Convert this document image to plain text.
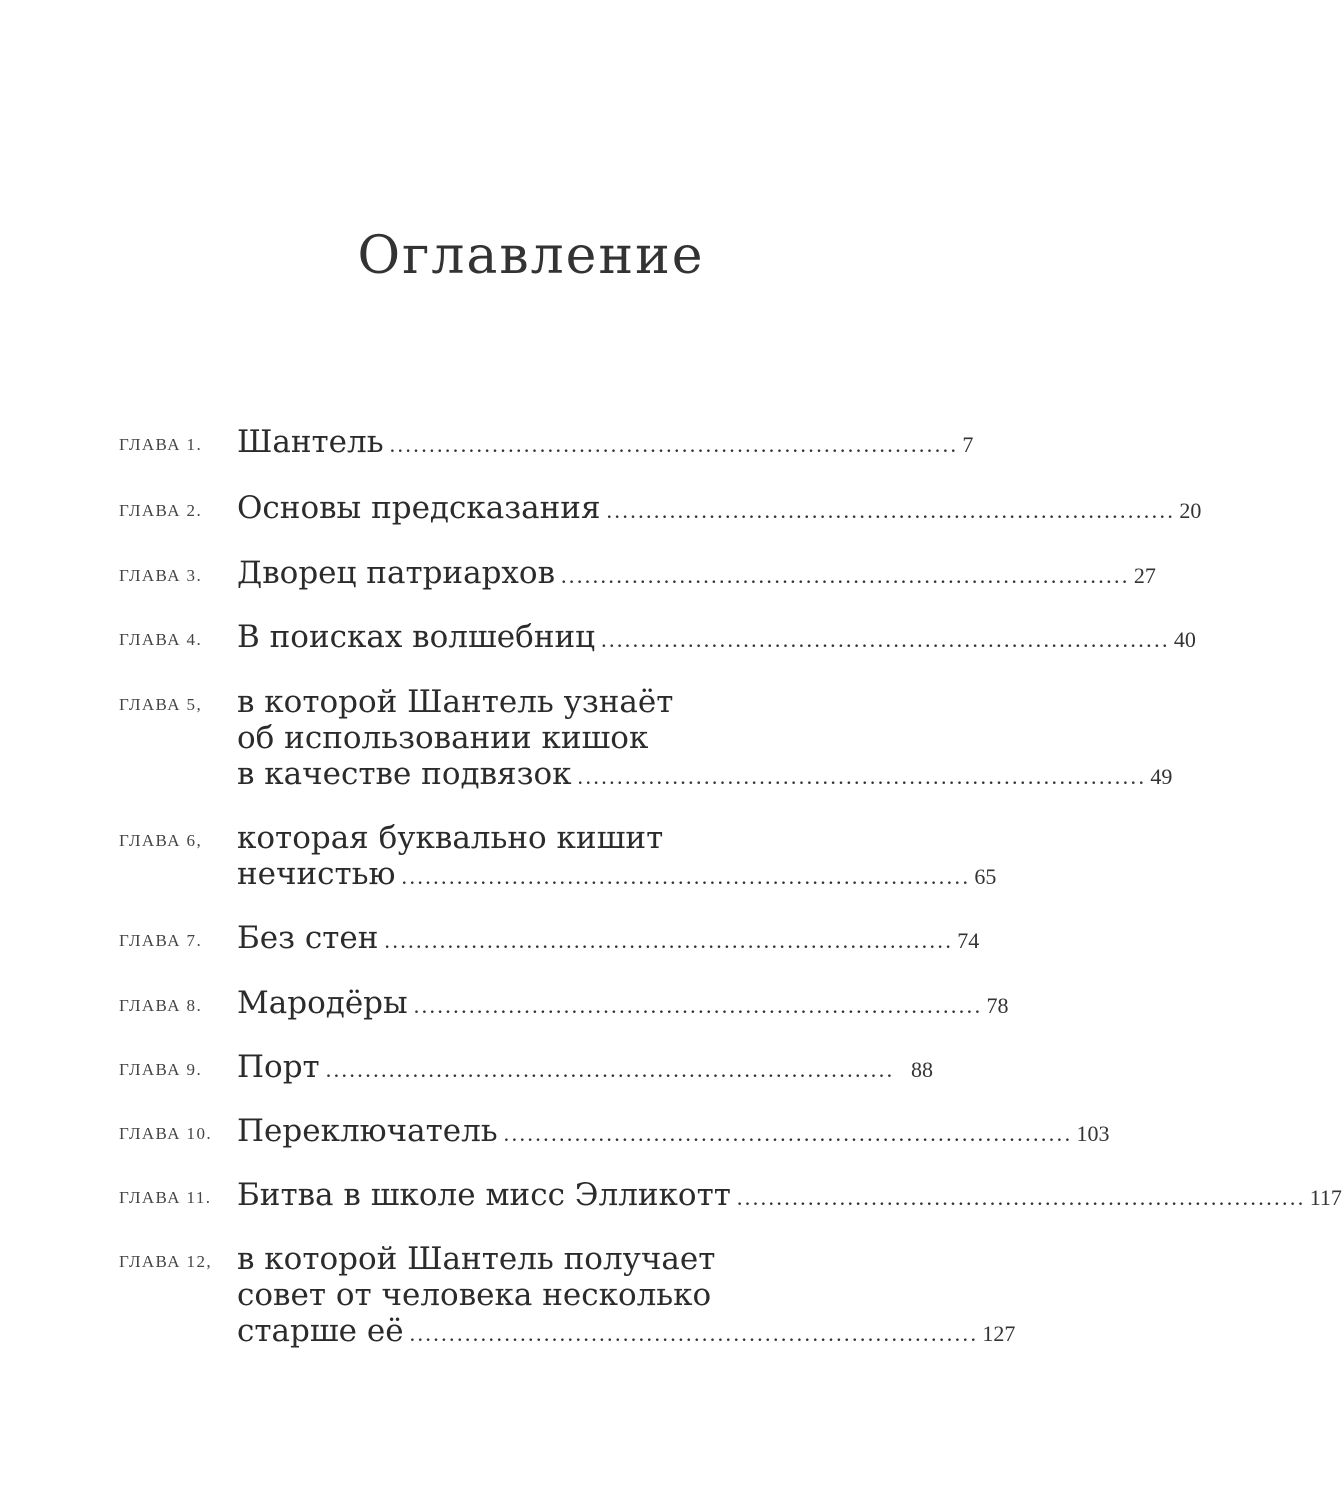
Оглавление
ГЛАВА 1. Шантель ........................................................................ 7
ГЛАВА 2. Основы предсказания ........................................................................ 20
ГЛАВА 3. Дворец патриархов ........................................................................ 27
ГЛАВА 4. В поисках волшебниц ........................................................................ 40
ГЛАВА 5, в которой Шантель узнаёт
об использовании кишок
в качестве подвязок ........................................................................ 49
ГЛАВА 6, которая буквально кишит
нечистью ........................................................................ 65
ГЛАВА 7. Без стен ........................................................................ 74
ГЛАВА 8. Мародёры ........................................................................ 78
ГЛАВА 9. Порт ........................................................................ 88
ГЛАВА 10. Переключатель ........................................................................ 103
ГЛАВА 11. Битва в школе мисс Элликотт ........................................................................ 117
ГЛАВА 12, в которой Шантель получает
совет от человека несколько
старше её ........................................................................ 127
